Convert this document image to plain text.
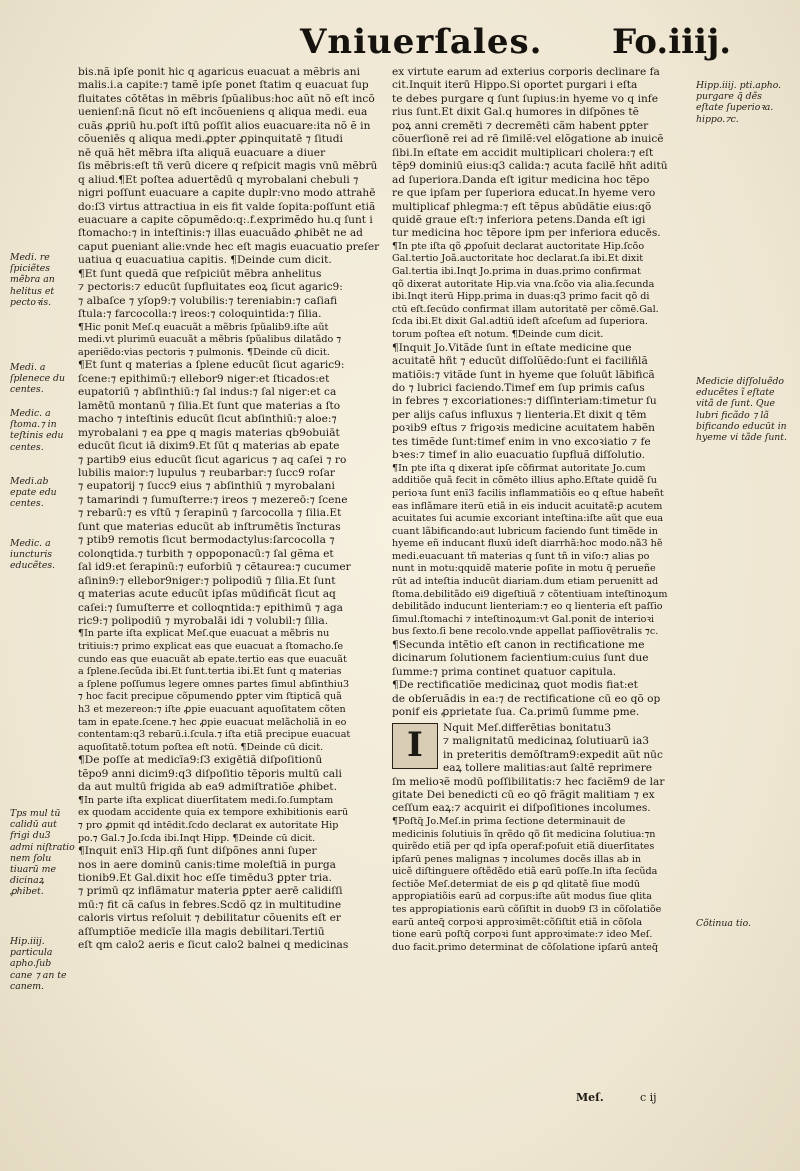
Vniuerſales. Fo.iiij.
Medi. re ſpiciẽtes mẽbra an helitus et pectoꝛis.
Medi. a ſplenece du centes.
Medic. a ſtoma.⁊ in teſtinis edu centes.
Medi.ab epate edu centes.
Medic. a iuncturis educẽtes.
Tps mul tū calidū aut frigi du3 admi niſtratio nem ſolu tiuarū me dicinaꝝ ꝓhibet.
Hip.iiij. particula apho.ſub cane ⁊ an te canem.
Hipp.iiij. pti.apho. purgare q̃ dẽs eſtate ſuperioꝛa. hippo.⁊c.
Medicie diſſoluẽdo educẽtes ĩ eſtate vitã de ſunt. Que lubri ficãdo ⁊ lã bificando educūt in hyeme vi tãde ſunt.
Cõtinua tio.

bis.nã ipſe ponit hic q agaricus euacuat a mẽbris ani

malis.i.a capite:⁊ tamẽ ipſe ponet ſtatim q euacuat ſup

fluitates cõtētas in mẽbris ſpũalibus:hoc aũt nõ eſt incõ

uenienſ:nã ſicut nõ eſt incõueniens q aliqua medi. eua

cuãs ꝓpriū hu.poſt iſtū poſſit alios euacuare:ita nõ ẽ in

cõueniēs q aliqua medi.ꝓpter ꝓpinquitatē ⁊ ſitudi

nē quã hẽt mẽbra iſta aliquã euacuare a diuer

ſis mẽbris:eſt tñ verū dicere q reſpicit magis vnū mẽbrū

q aliud.¶Et poſtea aduertēdū q myrobalani chebuli ⁊

nigri poſſunt euacuare a capite duplr:vno modo attrahē

do:ſ3 virtus attractiua in eis fit valde ſopita:poſſunt etiã

euacuare a capite cõpumẽdo:q:.f.exprimẽdo hu.q ſunt i

ſtomacho:⁊ in inteſtinis:⁊ illas euacuãdo ꝓhibēt ne ad

caput ꝑueniant alie:vnde hec eſt magis euacuatio preſer

uatiua q euacuatiua capitis. ¶Deinde cum dicit.

¶Et ſunt quedã que reſpiciūt mẽbra anhelitus

⁊ pectoris:⁊ educūt ſupfluitates eoꝝ ſicut agaric9:

⁊ albaſce ⁊ yſop9:⁊ volubilis:⁊ tereniabin:⁊ caſiafi

ſtula:⁊ farcocolla:⁊ ireos:⁊ coloquintida:⁊ ſilia.

¶Hic ponit Meſ.q euacuãt a mẽbris ſpũalib9.iſte aũt

medi.vt plurimū euacuãt a mẽbris ſpũalibus dilatãdo ⁊

aperiẽdo:vias pectoris ⁊ pulmonis. ¶Deinde cũ dicit.

¶Et ſunt q materias a ſplene educūt ſicut agaric9:

ſcene:⁊ epithimū:⁊ ellebor9 niger:et ſticados:et

eupatoriū ⁊ abſinthiū:⁊ ſal indus:⁊ ſal niger:et ca

lamētū montanū ⁊ ſilia.Et ſunt que materias a ſto

macho ⁊ inteſtinis educūt ſicut abſinthiū:⁊ aloe:⁊

myrobalani ⁊ ea ꝑpe q magis materias qb9obuiāt

educūt ſicut iā dixim9.Et ſūt q materias ab epate

⁊ partib9 eius educūt ſicut agaricus ⁊ aq caſei ⁊ ro

lubilis maior:⁊ lupulus ⁊ reubarbar:⁊ ſucc9 roſar

⁊ eupatorij ⁊ ſucc9 eius ⁊ abſinthiū ⁊ myrobalani

⁊ tamarindi ⁊ ſumuſterre:⁊ ireos ⁊ mezereō:⁊ ſcene

⁊ rebarū:⁊ es vſtū ⁊ ſerapinū ⁊ ſarcocolla ⁊ ſilia.Et

ſunt que materias educūt ab inſtrumētis ĩncturas

⁊ ptib9 remotis ſicut bermodactylus:ſarcocolla ⁊

colonqtida.⁊ turbith ⁊ oppoponacū:⁊ ſal gẽma et

ſal id9:et ſerapinū:⁊ euforbiū ⁊ cẽtaurea:⁊ cucumer

aſinin9:⁊ ellebor9niger:⁊ polipodiū ⁊ ſilia.Et ſunt

q materias acute educūt ipſas mūdificãt ſicut aq

caſei:⁊ ſumuſterre et colloqntida:⁊ epithimū ⁊ aga

ric9:⁊ polipodiū ⁊ myrobalāi idi ⁊ volubil:⁊ ſilia.

¶In parte iſta explicat Meſ.que euacuat a mẽbris nu

tritiuis:⁊ primo explicat eas que euacuat a ſtomacho.ſe

cundo eas que euacuãt ab epate.tertio eas que euacuãt

a ſplene.ſecũda ibi.Et ſunt.tertia ibi.Et ſunt q materias

a ſplene poſſumus legere omnes partes ſimul abſinthiu3

⁊ hoc facit precipue cõpumendo ꝑpter vim ſtipticã quã

h3 et mezereon:⁊ iſte ꝓpie euacuant aquoſitatem cõten

tam in epate.ſcene.⁊ hec ꝓpie euacuat melãcholiã in eo

contentam:q3 rebarū.i.ſcula.⁊ iſta etiã precipue euacuat

aquoſitatẽ.totum poſtea eſt notū. ¶Deinde cū dicit.

¶De poſſe at medicīa9:ſ3 exigētiã diſpoſitionū

tẽpo9 anni dicim9:q3 diſpoſitio tẽporis multū cali

da aut multū frigida ab ea9 admiſtratiõe ꝓhibet.

¶In parte iſta explicat diuerſitatem medi.ſo.ſumptam

ex quodam accidente quia ex tempore exhibitionis earū

⁊ pro ꝓpmit qd intēdit.ſcdo declarat ex autoritate Hip

po.⁊ Gal.⁊ Jo.ſcda ibi.Inqt Hipp. ¶Deinde cū dicit.

¶Inquit enī3 Hip.qñ ſunt diſpõnes anni ſuper

nos in aere dominū canis:time moleſtiã in purga

tionib9.Et Gal.dixit hoc eſſe timēdu3 ꝑpter tria.

⁊ primū qz inflãmatur materia ꝑpter aerē calidiſſi

mū:⁊ fit cã caſus in febres.Scdõ qz in multitudine

caloris virtus reſoluit ⁊ debilitatur cõuenits eſt er

aſſumptiõe medicīe illa magis debilitari.Tertiū

eſt qm calo2 aeris e ſicut calo2 balnei q medicinas

ex virtute earum ad exterius corporis declinare fa

cit.Inquit iterū Hippo.Si oportet purgari i eſta

te debes purgare q ſunt ſupius:in hyeme vo q infe

rius ſunt.Et dixit Gal.q humores in diſpõnes tẽ

poꝝ anni cremēti ⁊ decremēti cãm habent ꝑpter

cõuerſionẽ rei ad rẽ ſimilẽ:vel elõgatione ab inuicẽ

ſibi.In eſtate em accidit multiplicari cholera:⁊ eſt

tẽp9 dominiū eius:q3 calida:⁊ acuta facilẽ hñt aditū

ad ſuperiora.Danda eſt igitur medicina hoc tẽpo

re que ipſam per ſuperiora educat.In hyeme vero

multiplicaf phlegma:⁊ eſt tẽpus abūdãtie eius:qõ

quidẽ graue eſt:⁊ inferiora petens.Danda eſt igi

tur medicina hoc tẽpore ipm per inferiora educēs.

¶In pte iſta qõ ꝓpoſuit declarat auctoritate Hip.ſcõo

Gal.tertio Joã.auctoritate hoc declarat.ſa ibi.Et dixit

Gal.tertia ibi.Inqt Jo.prima in duas.primo confirmat

qõ dixerat autoritate Hip.via vna.ſcõo via alia.ſecunda

ibi.Inqt iterū Hipp.prima in duas:q3 primo facit qõ di

ctū eſt.ſecūdo confirmat illam autoritatē per cõmē.Gal.

ſcda ibi.Et dixit Gal.adtiū ideſt aſceſum ad ſuperiora.

torum poſtea eſt notum. ¶Deinde cum dicit.

¶Inquit Jo.Vitãde ſunt in eſtate medicine que

acuitatẽ hñt ⁊ educūt diſſolũẽdo:ſunt ei faciliñlã

matiõis:⁊ vitãde ſunt in hyeme que ſoluūt lãbificã

do ⁊ lubrici faciendo.Timef em ſup primis caſus

in febres ⁊ excoriationes:⁊ diſſinteriam:timetur ſu

per alijs caſus influxus ⁊ lienteria.Et dixit q tẽm

poꝛib9 eſtus ⁊ frigoꝛis medicine acuitatem habẽn

tes timẽde ſunt:timef enim in vno excoꝛiatio ⁊ fe

bꝛes:⁊ timef in alio euacuatio ſupfluã diſſolutio.

¶In pte iſta q dixerat ipſe cõfirmat autoritate Jo.cum

additiõe quã fecit in cõmēto illius apho.Eſtate quidẽ ſu

perioꝛa ſunt enī3 facilis inflammatiõis eo q eſtue habeñt

eas inflãmare iterū etiã in eis inducit acuitatẽ:ꝑ acutem

acuitates ſui acumie excoriant inteſtina:iſte aũt que eua

cuant lãbificando:aut lubricum faciendo ſunt timẽde in

hyeme eñ inducant fluxū ideſt diarrhã:hoc modo.nã3 hẽ

medi.euacuant tñ materias q ſunt tñ in viſo:⁊ alias po

nunt in motu:qquidẽ materie poſite in motu q̃ perueñe

rūt ad inteſtia inducūt diariam.dum etiam peruenitt ad

ſtoma.debilitãdo ei9 digeſtiuã ⁊ cõtentiuam inteſtinoꝝum

debilitãdo inducunt lienteriam:⁊ eo q lienteria eſt paſſio

ſimul.ſtomachi ⁊ inteſtinoꝝum:vt Gal.ponit de interioꝛi

bus ſexto.ſi bene recolo.vnde appellat paſſiovētralis ⁊c.

¶Secunda intẽtio eſt canon in rectificatione me

dicinarum ſolutionem facientium:cuius ſunt due

ſumme:⁊ prima continet quatuor capitula.

¶De rectificatiõe medicinaꝝ quot modis fiat:et

de obſeruãdis in ea:⁊ de rectificatione cū eo qõ op

ponif eis ꝓprietate ſua. Ca.primū ſumme pme.

I	Nquit Meſ.differẽtias bonitatu3

⁊ malignitatū medicinaꝝ ſolutiuarū ia3

in preteritis demõſtram9:expedit aũt nūc

eaꝝ tollere malitias:aut ſaltẽ reprimere

ſm melioꝛẽ modū poſſibilitatis:⁊ hec faciẽm9 de lar

gitate Dei benedicti cū eo qõ frãgit malitiam ⁊ ex

ceſſum eaꝝ:⁊ acquirit ei diſpoſitiones incolumes.

¶Poſtq̃ Jo.Meſ.in prima ſectione determinauit de

medicinis ſolutiuis ĩn qrẽdo qõ ſit medicina ſolutiua:⁊n

quirẽdo etiã per qd ipſa operaf:poſuit etiã diuerſitates

ipſarū penes malignas ⁊ incolumes docẽs illas ab in

uicẽ diſtinguere oſtẽdẽdo etiã earū poſſe.In iſta ſecũda

ſectiõe Meſ.determiat de eis ꝑ qd qlitatẽ ſiue modū

approꝑiatiõis earū ad corpus:iſte aũt modus ſiue qlita

tes approꝑiationis earū cõſiſtit in duob9 ſ3 in cõſolatiõe

earū anteq̃ corpoꝛi approꝛimẽt:cõſiſtit etiã in cõſola

tione earū poſtq̃ corpoꝛi ſunt approꝛimate:⁊ ideo Meſ.

duo facit.primo determinat de cõſolatione ipſarū anteq̃

Meſ.	c ij
